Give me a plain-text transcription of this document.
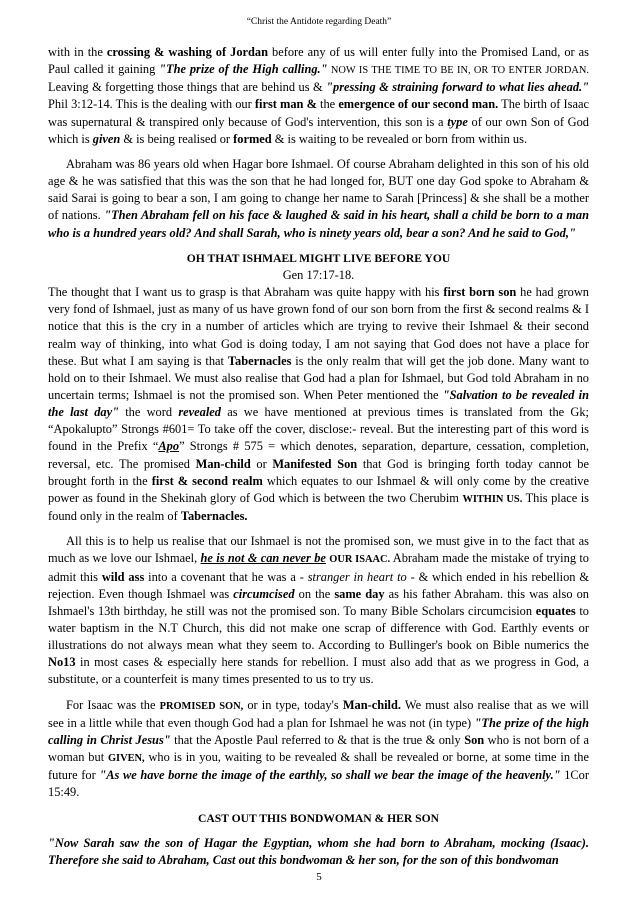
“Christ the Antidote regarding Death”

with in the crossing & washing of Jordan before any of us will enter fully into the Promised Land, or as Paul called it gaining "The prize of the High calling." NOW IS THE TIME TO BE IN, OR TO ENTER JORDAN. Leaving & forgetting those things that are behind us & "pressing & straining forward to what lies ahead." Phil 3:12-14. This is the dealing with our first man & the emergence of our second man. The birth of Isaac was supernatural & transpired only because of God's intervention, this son is a type of our own Son of God which is given & is being realised or formed & is waiting to be revealed or born from within us.

Abraham was 86 years old when Hagar bore Ishmael. Of course Abraham delighted in this son of his old age & he was satisfied that this was the son that he had longed for, BUT one day God spoke to Abraham & said Sarai is going to bear a son, I am going to change her name to Sarah [Princess] & she shall be a mother of nations. "Then Abraham fell on his face & laughed & said in his heart, shall a child be born to a man who is a hundred years old? And shall Sarah, who is ninety years old, bear a son? And he said to God,"

OH THAT ISHMAEL MIGHT LIVE BEFORE YOU

Gen 17:17-18.

The thought that I want us to grasp is that Abraham was quite happy with his first born son he had grown very fond of Ishmael, just as many of us have grown fond of our son born from the first & second realms & I notice that this is the cry in a number of articles which are trying to revive their Ishmael & their second realm way of thinking, into what God is doing today, I am not saying that God does not have a place for these. But what I am saying is that Tabernacles is the only realm that will get the job done. Many want to hold on to their Ishmael. We must also realise that God had a plan for Ishmael, but God told Abraham in no uncertain terms; Ishmael is not the promised son. When Peter mentioned the "Salvation to be revealed in the last day" the word revealed as we have mentioned at previous times is translated from the Gk; “Apokalupto” Strongs #601= To take off the cover, disclose:- reveal. But the interesting part of this word is found in the Prefix “Apo” Strongs # 575 = which denotes, separation, departure, cessation, completion, reversal, etc. The promised Man-child or Manifested Son that God is bringing forth today cannot be brought forth in the first & second realm which equates to our Ishmael & will only come by the creative power as found in the Shekinah glory of God which is between the two Cherubim WITHIN US. This place is found only in the realm of Tabernacles.

All this is to help us realise that our Ishmael is not the promised son, we must give in to the fact that as much as we love our Ishmael, he is not & can never be OUR ISAAC. Abraham made the mistake of trying to admit this wild ass into a covenant that he was a - stranger in heart to - & which ended in his rebellion & rejection. Even though Ishmael was circumcised on the same day as his father Abraham. this was also on Ishmael's 13th birthday, he still was not the promised son. To many Bible Scholars circumcision equates to water baptism in the N.T Church, this did not make one scrap of difference with God. Earthly events or illustrations do not always mean what they seem to. According to Bullinger's book on Bible numerics the No13 in most cases & especially here stands for rebellion. I must also add that as we progress in God, a substitute, or a counterfeit is many times presented to us to try us.

For Isaac was the PROMISED SON, or in type, today's Man-child. We must also realise that as we will see in a little while that even though God had a plan for Ishmael he was not (in type) "The prize of the high calling in Christ Jesus" that the Apostle Paul referred to & that is the true & only Son who is not born of a woman but GIVEN, who is in you, waiting to be revealed & shall be revealed or borne, at some time in the future for "As we have borne the image of the earthly, so shall we bear the image of the heavenly." 1Cor 15:49.

CAST OUT THIS BONDWOMAN & HER SON

"Now Sarah saw the son of Hagar the Egyptian, whom she had born to Abraham, mocking (Isaac). Therefore she said to Abraham, Cast out this bondwoman & her son, for the son of this bondwoman

5
